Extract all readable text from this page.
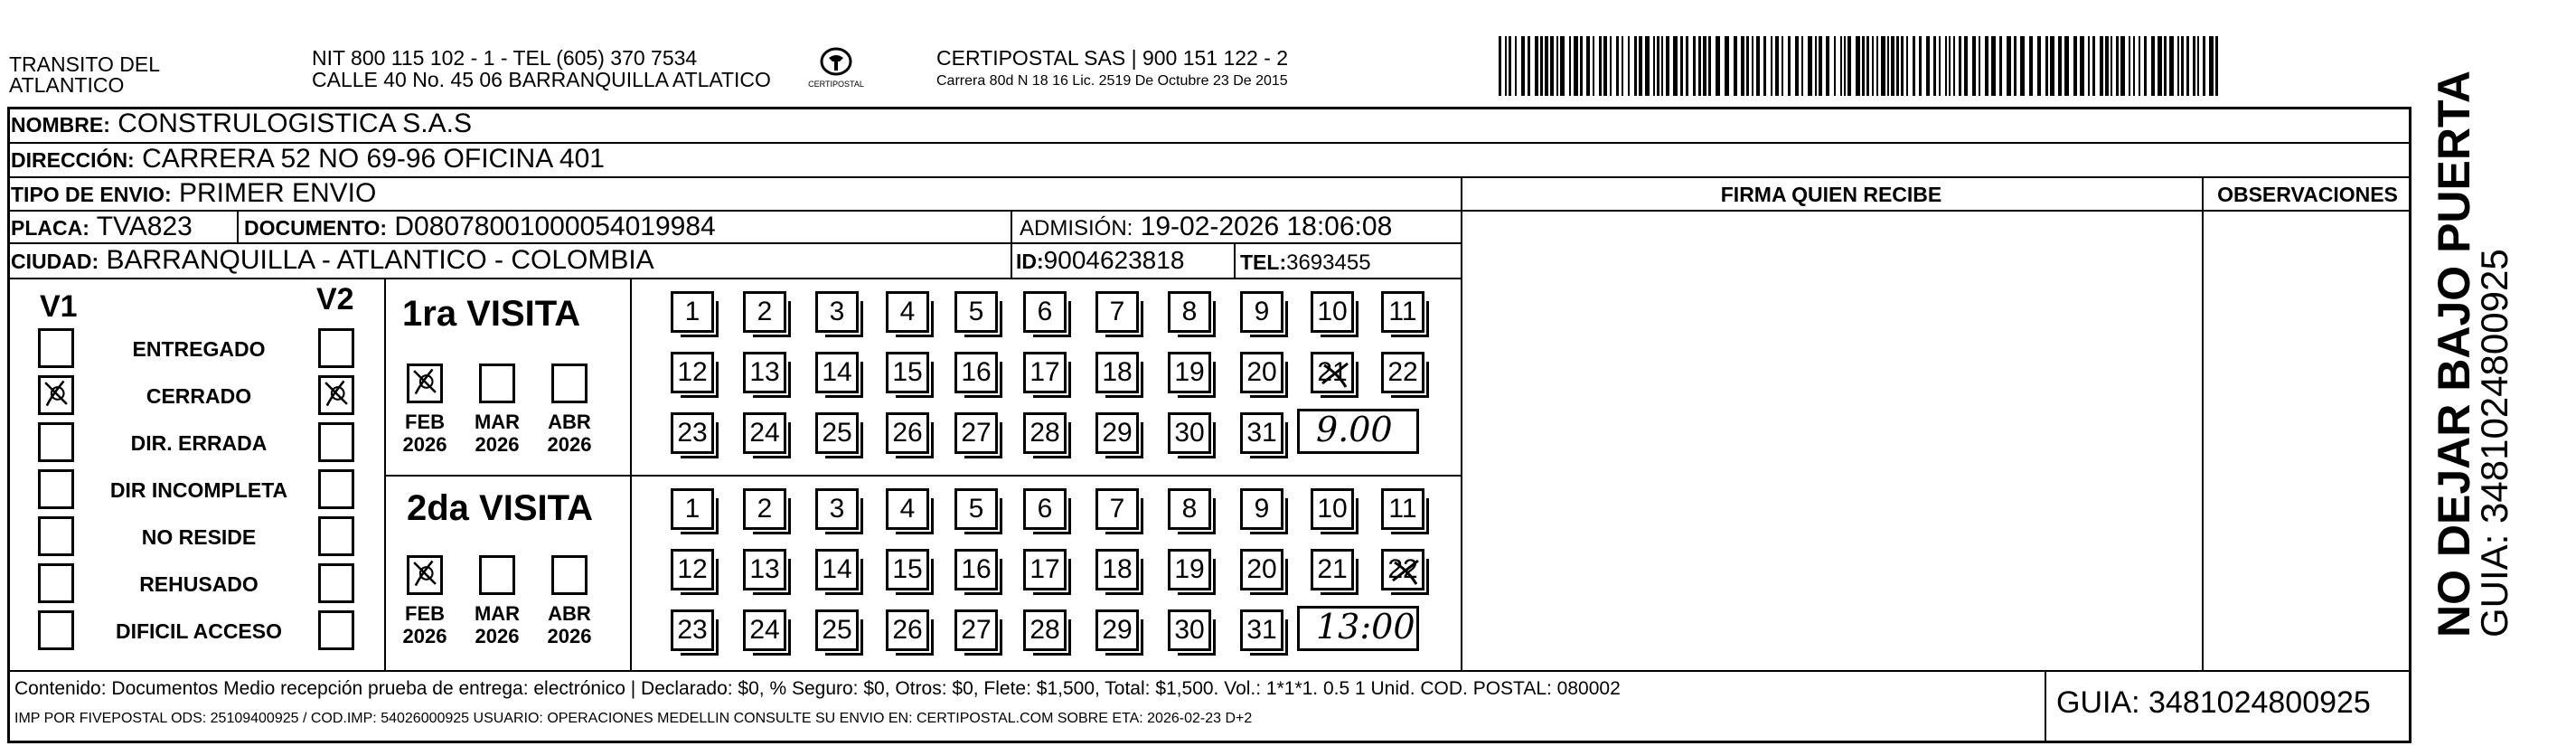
TRANSITO DEL
ATLANTICO
NIT 800 115 102 - 1 - TEL (605) 370 7534
CALLE 40 No. 45 06 BARRANQUILLA ATLATICO	CERTIPOSTAL
CERTIPOSTAL SAS | 900 151 122 - 2
Carrera 80d N 18 16 Lic. 2519 De Octubre 23 De 2015
NOMBRE: CONSTRULOGISTICA S.A.S
DIRECCIÓN: CARRERA 52 NO 69-96 OFICINA 401
TIPO DE ENVIO: PRIMER ENVIO
PLACA: TVA823 DOCUMENTO: D08078001000054019984	ADMISIÓN: 19-02-2026 18:06:08
CIUDAD: BARRANQUILLA - ATLANTICO - COLOMBIA	ID:9004623818	TEL:3693455
FIRMA QUIEN RECIBE	OBSERVACIONES
V1	V2
ENTREGADO
CERRADO
DIR. ERRADA
DIR INCOMPLETA
NO RESIDE
REHUSADO
DIFICIL ACCESO
1ra VISITA
2da VISITA
FEB
2026
MAR
2026
ABR
2026
FEB
2026
MAR
2026
ABR
2026
1 2 3 4 5 6 7 8 9 10 11
12 13 14 15 16 17 18 19 20 21 22
23 24 25 26 27 28 29 30 31 9.00
1 2 3 4 5 6 7 8 9 10 11
12 13 14 15 16 17 18 19 20 21 22
23 24 25 26 27 28 29 30 31 13:00
Contenido: Documentos Medio recepción prueba de entrega: electrónico | Declarado: $0, % Seguro: $0, Otros: $0, Flete: $1,500, Total: $1,500. Vol.: 1*1*1. 0.5 1 Unid. COD. POSTAL: 080002
IMP POR FIVEPOSTAL ODS: 25109400925 / COD.IMP: 54026000925 USUARIO: OPERACIONES MEDELLIN CONSULTE SU ENVIO EN: CERTIPOSTAL.COM SOBRE ETA: 2026-02-23 D+2	GUIA: 3481024800925
NO DEJAR BAJO PUERTA
GUIA: 3481024800925
